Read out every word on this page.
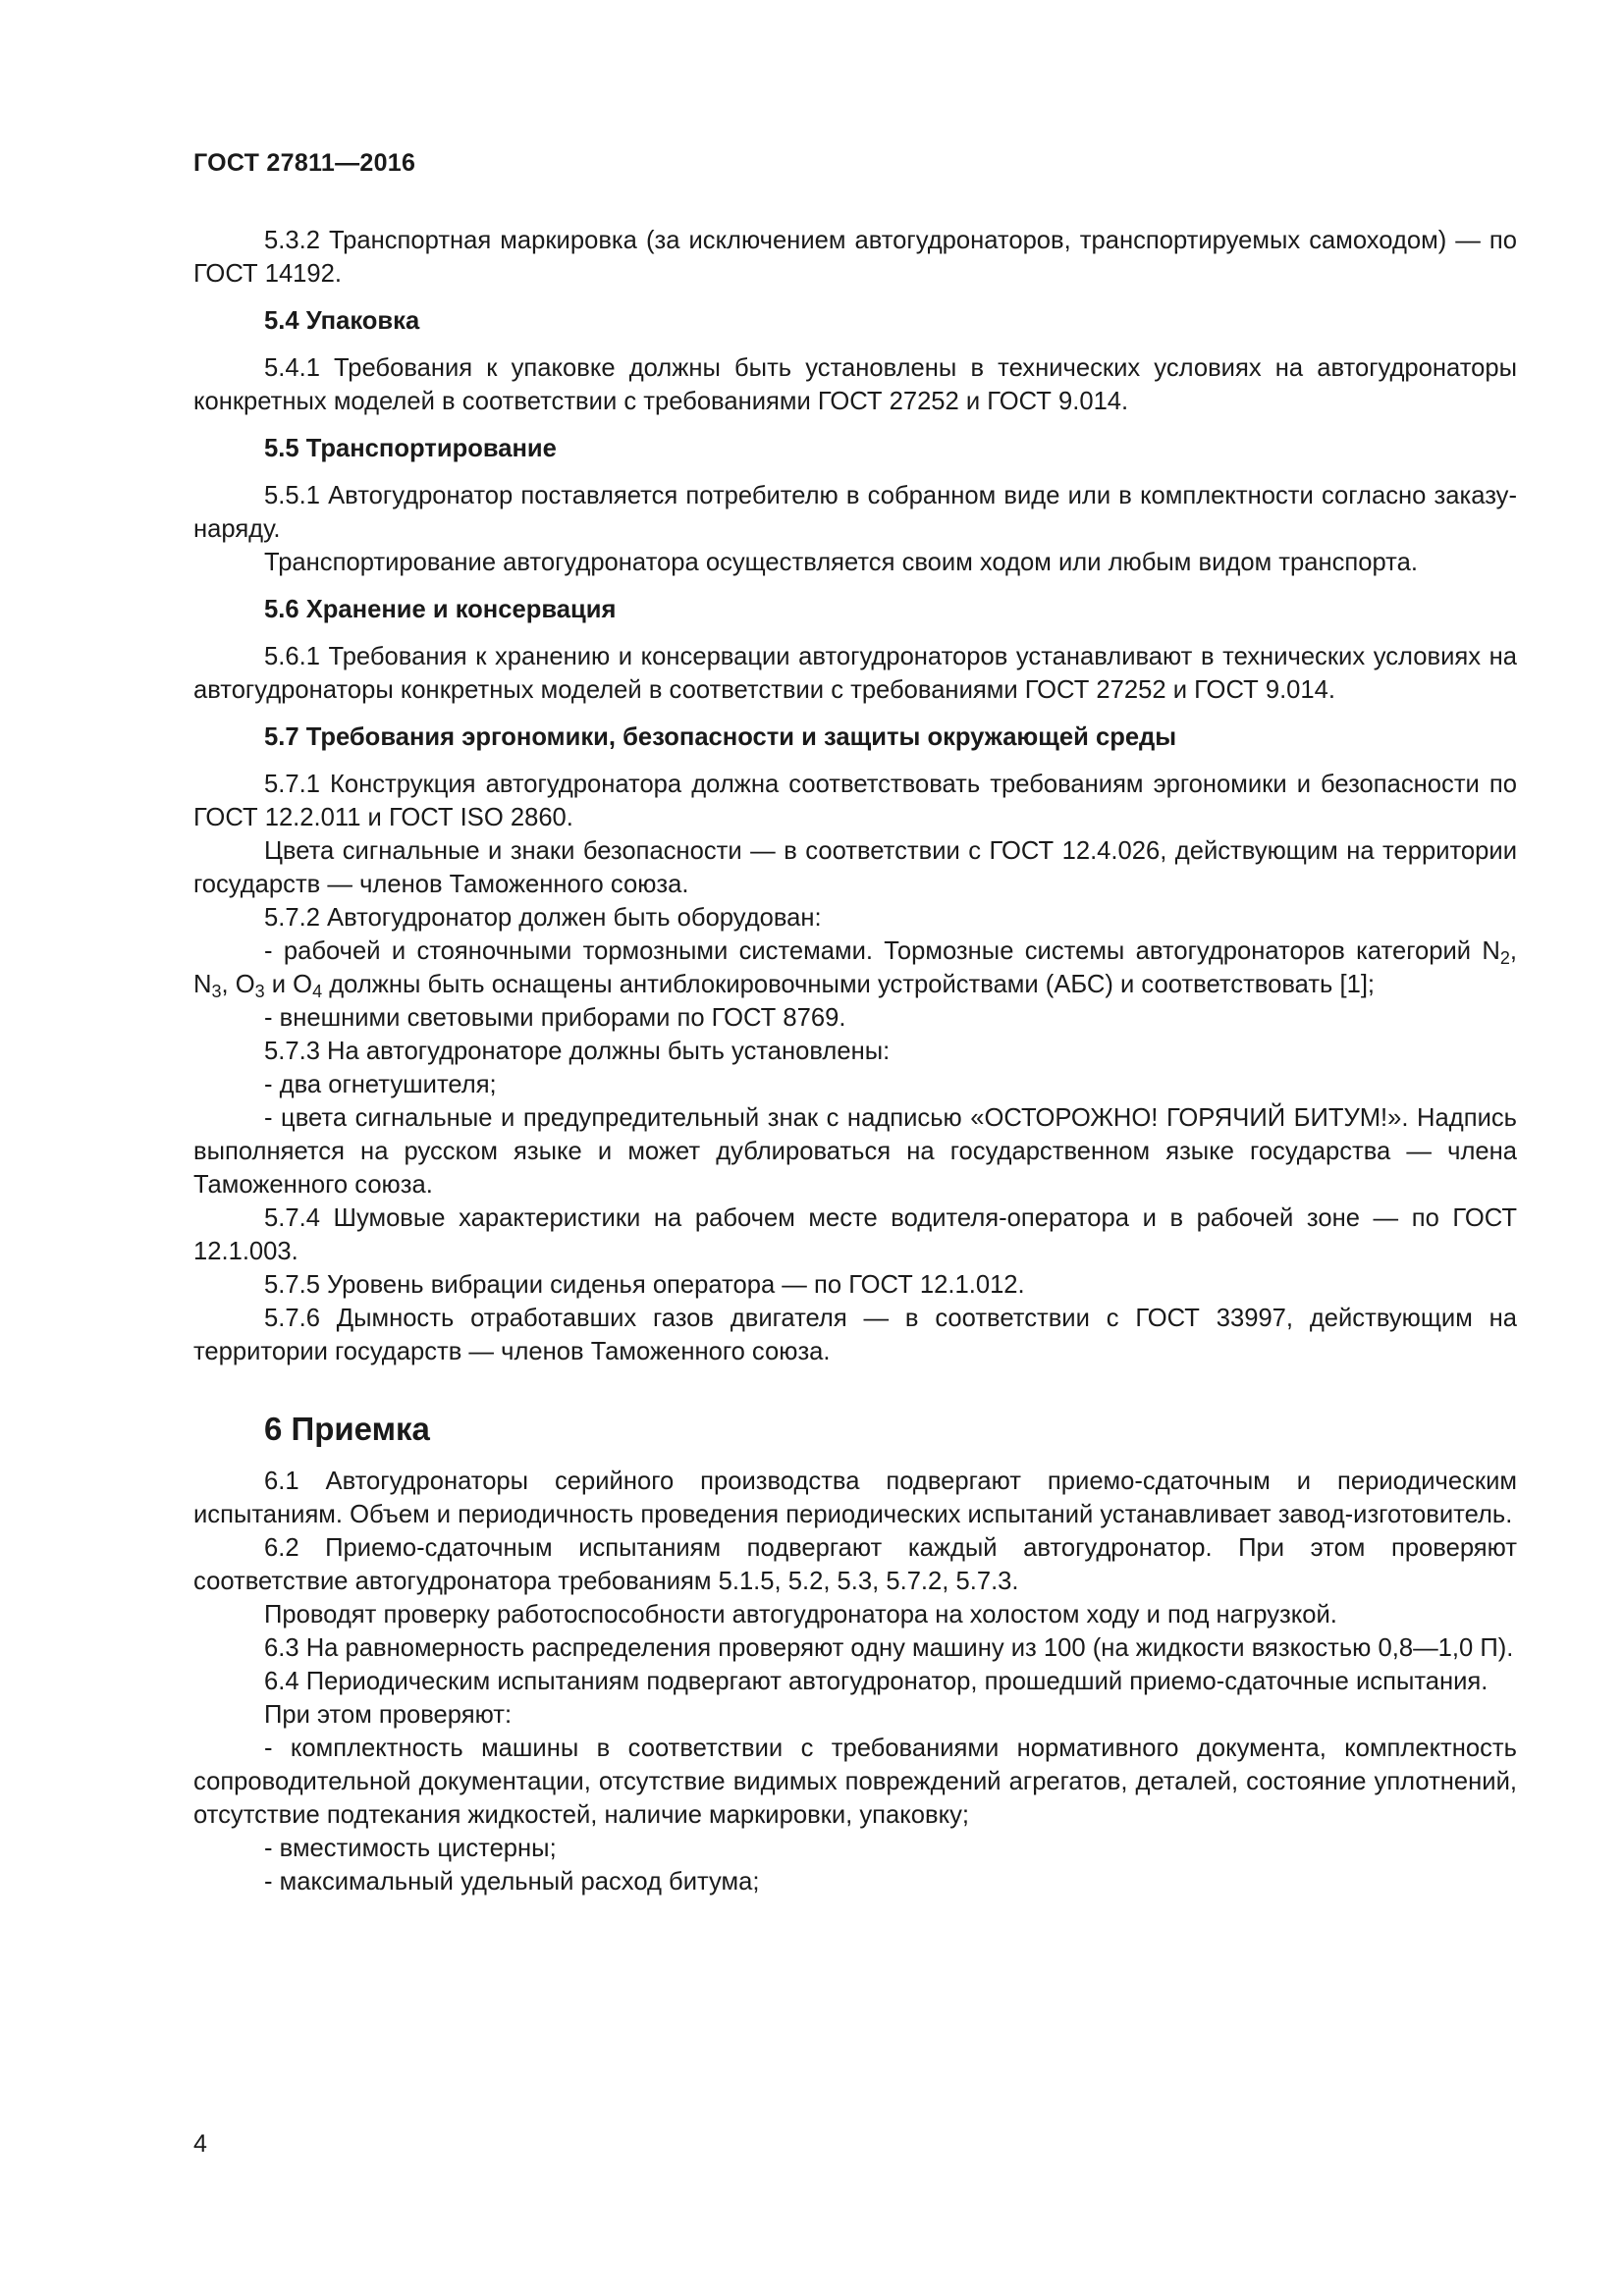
ГОСТ 27811—2016
5.3.2 Транспортная маркировка (за исключением автогудронаторов, транспортируемых самоходом) — по ГОСТ 14192.
5.4 Упаковка
5.4.1 Требования к упаковке должны быть установлены в технических условиях на автогудронаторы конкретных моделей в соответствии с требованиями ГОСТ 27252 и ГОСТ 9.014.
5.5 Транспортирование
5.5.1 Автогудронатор поставляется потребителю в собранном виде или в комплектности согласно заказу-наряду.
Транспортирование автогудронатора осуществляется своим ходом или любым видом транспорта.
5.6 Хранение и консервация
5.6.1 Требования к хранению и консервации автогудронаторов устанавливают в технических условиях на автогудронаторы конкретных моделей в соответствии с требованиями ГОСТ 27252 и ГОСТ 9.014.
5.7 Требования эргономики, безопасности и защиты окружающей среды
5.7.1 Конструкция автогудронатора должна соответствовать требованиям эргономики и безопасности по ГОСТ 12.2.011 и ГОСТ ISO 2860.
Цвета сигнальные и знаки безопасности — в соответствии с ГОСТ 12.4.026, действующим на территории государств — членов Таможенного союза.
5.7.2 Автогудронатор должен быть оборудован:
- рабочей и стояночными тормозными системами. Тормозные системы автогудронаторов категорий $N_2$, $N_3$, $O_3$ и $O_4$ должны быть оснащены антиблокировочными устройствами (АБС) и соответствовать [1];
- внешними световыми приборами по ГОСТ 8769.
5.7.3 На автогудронаторе должны быть установлены:
- два огнетушителя;
- цвета сигнальные и предупредительный знак с надписью «ОСТОРОЖНО! ГОРЯЧИЙ БИТУМ!». Надпись выполняется на русском языке и может дублироваться на государственном языке государства — члена Таможенного союза.
5.7.4 Шумовые характеристики на рабочем месте водителя-оператора и в рабочей зоне — по ГОСТ 12.1.003.
5.7.5 Уровень вибрации сиденья оператора — по ГОСТ 12.1.012.
5.7.6 Дымность отработавших газов двигателя — в соответствии с ГОСТ 33997, действующим на территории государств — членов Таможенного союза.
6 Приемка
6.1 Автогудронаторы серийного производства подвергают приемо-сдаточным и периодическим испытаниям. Объем и периодичность проведения периодических испытаний устанавливает завод-изготовитель.
6.2 Приемо-сдаточным испытаниям подвергают каждый автогудронатор. При этом проверяют соответствие автогудронатора требованиям 5.1.5, 5.2, 5.3, 5.7.2, 5.7.3.
Проводят проверку работоспособности автогудронатора на холостом ходу и под нагрузкой.
6.3 На равномерность распределения проверяют одну машину из 100 (на жидкости вязкостью 0,8—1,0 П).
6.4 Периодическим испытаниям подвергают автогудронатор, прошедший приемо-сдаточные испытания.
При этом проверяют:
- комплектность машины в соответствии с требованиями нормативного документа, комплектность сопроводительной документации, отсутствие видимых повреждений агрегатов, деталей, состояние уплотнений, отсутствие подтекания жидкостей, наличие маркировки, упаковку;
- вместимость цистерны;
- максимальный удельный расход битума;
4
